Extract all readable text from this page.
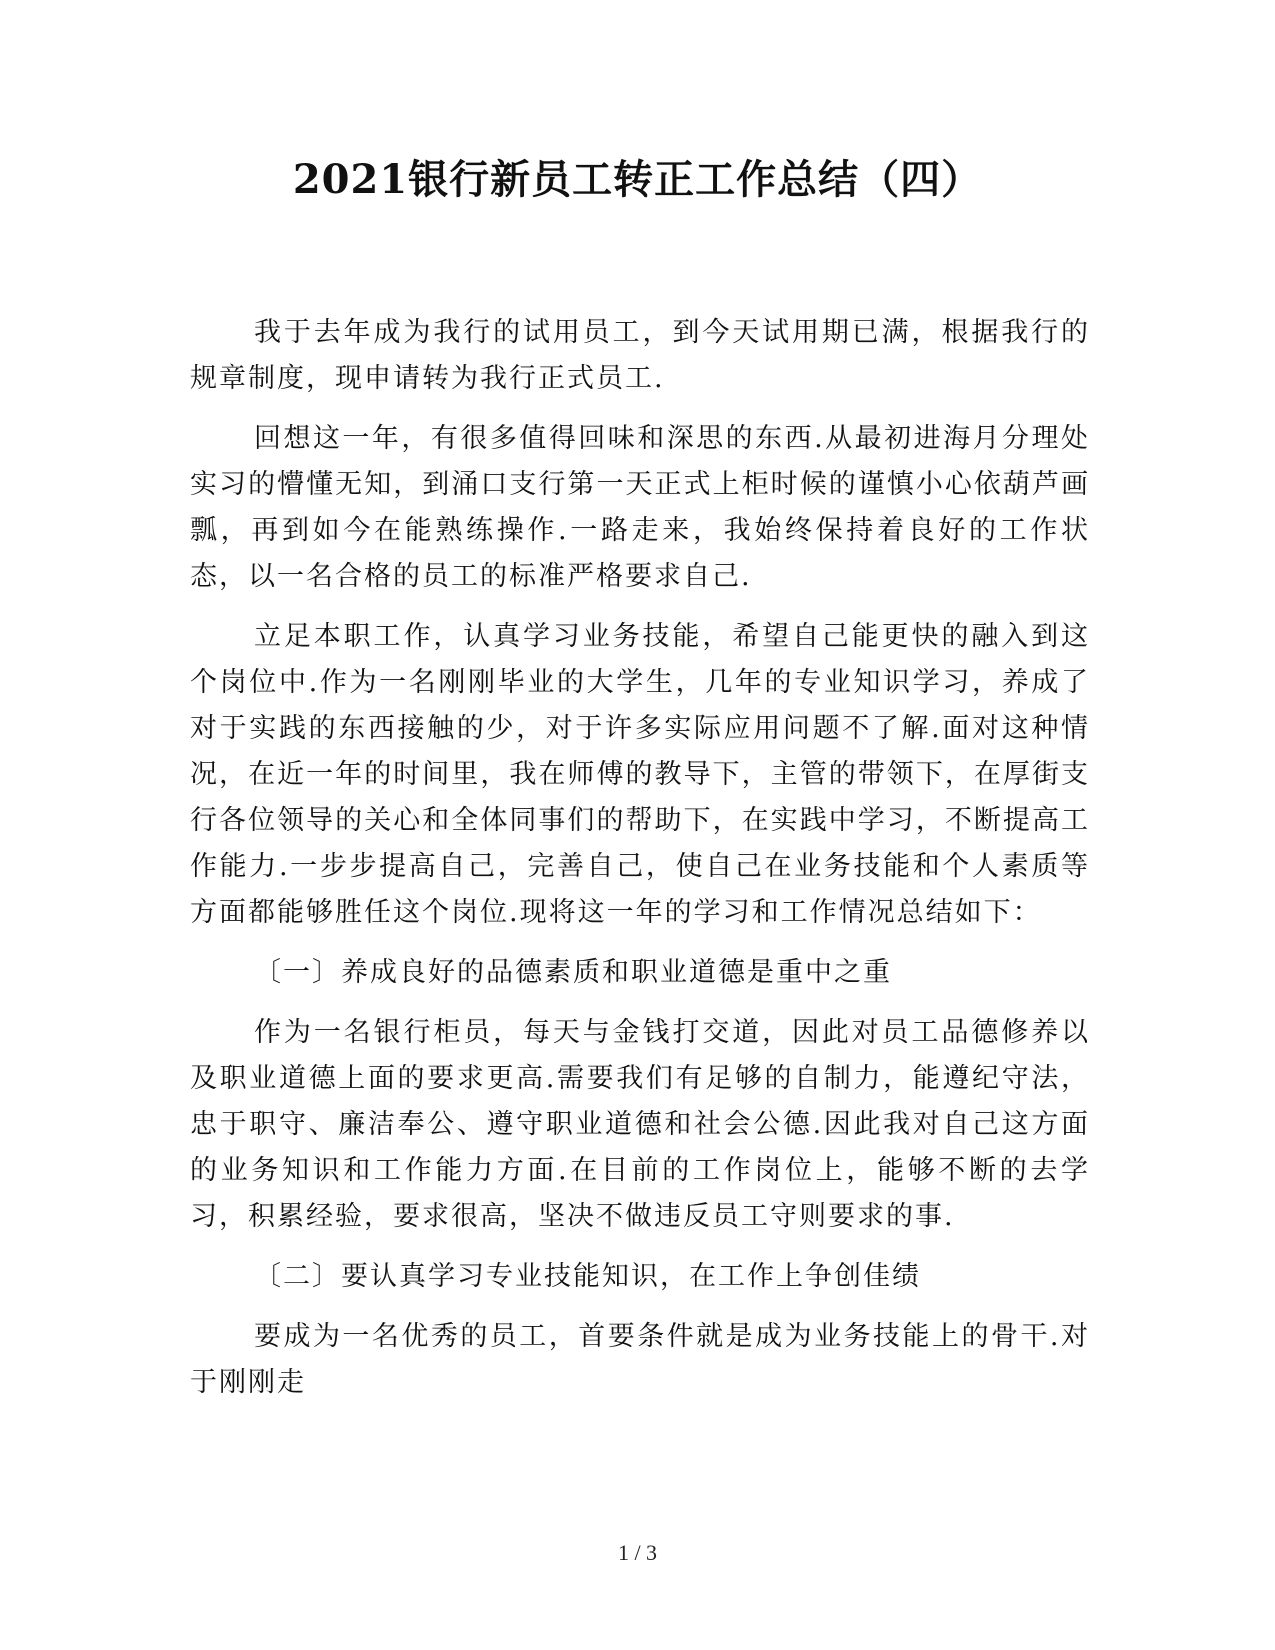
2021银行新员工转正工作总结（四）

我于去年成为我行的试用员工，到今天试用期已满，根据我行的规章制度，现申请转为我行正式员工.

回想这一年，有很多值得回味和深思的东西.从最初进海月分理处实习的懵懂无知，到涌口支行第一天正式上柜时候的谨慎小心依葫芦画瓢，再到如今在能熟练操作.一路走来，我始终保持着良好的工作状态，以一名合格的员工的标准严格要求自己.

立足本职工作，认真学习业务技能，希望自己能更快的融入到这个岗位中.作为一名刚刚毕业的大学生，几年的专业知识学习，养成了对于实践的东西接触的少，对于许多实际应用问题不了解.面对这种情况，在近一年的时间里，我在师傅的教导下，主管的带领下，在厚街支行各位领导的关心和全体同事们的帮助下，在实践中学习，不断提高工作能力.一步步提高自己，完善自己，使自己在业务技能和个人素质等方面都能够胜任这个岗位.现将这一年的学习和工作情况总结如下：

〔一〕养成良好的品德素质和职业道德是重中之重

作为一名银行柜员，每天与金钱打交道，因此对员工品德修养以及职业道德上面的要求更高.需要我们有足够的自制力，能遵纪守法，忠于职守、廉洁奉公、遵守职业道德和社会公德.因此我对自己这方面的业务知识和工作能力方面.在目前的工作岗位上，能够不断的去学习，积累经验，要求很高，坚决不做违反员工守则要求的事.

〔二〕要认真学习专业技能知识，在工作上争创佳绩

要成为一名优秀的员工，首要条件就是成为业务技能上的骨干.对于刚刚走

1 / 3
